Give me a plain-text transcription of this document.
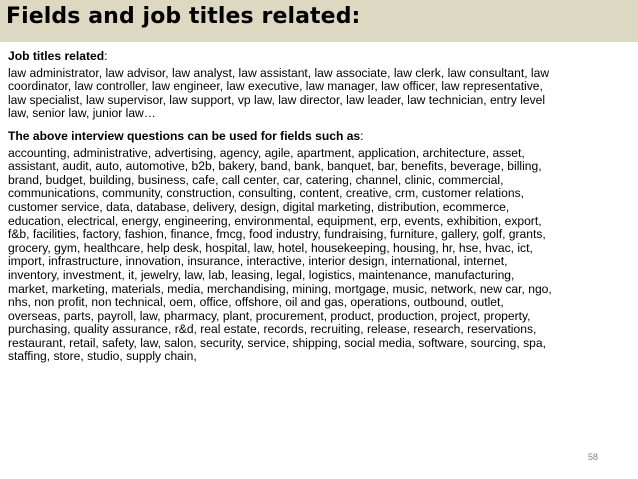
Fields and job titles related:
Job titles related:
law administrator, law advisor, law analyst, law assistant, law associate, law clerk, law consultant, law
coordinator, law controller, law engineer, law executive, law manager, law officer, law representative,
law specialist, law supervisor, law support, vp law, law director, law leader, law technician, entry level
law, senior law, junior law…
The above interview questions can be used for fields such as:
accounting, administrative, advertising, agency, agile, apartment, application, architecture, asset,
assistant, audit, auto, automotive, b2b, bakery, band, bank, banquet, bar, benefits, beverage, billing,
brand, budget, building, business, cafe, call center, car, catering, channel, clinic, commercial,
communications, community, construction, consulting, content, creative, crm, customer relations,
customer service, data, database, delivery, design, digital marketing, distribution, ecommerce,
education, electrical, energy, engineering, environmental, equipment, erp, events, exhibition, export,
f&b, facilities, factory, fashion, finance, fmcg, food industry, fundraising, furniture, gallery, golf, grants,
grocery, gym, healthcare, help desk, hospital, law, hotel, housekeeping, housing, hr, hse, hvac, ict,
import, infrastructure, innovation, insurance, interactive, interior design, international, internet,
inventory, investment, it, jewelry, law, lab, leasing, legal, logistics, maintenance, manufacturing,
market, marketing, materials, media, merchandising, mining, mortgage, music, network, new car, ngo,
nhs, non profit, non technical, oem, office, offshore, oil and gas, operations, outbound, outlet,
overseas, parts, payroll, law, pharmacy, plant, procurement, product, production, project, property,
purchasing, quality assurance, r&d, real estate, records, recruiting, release, research, reservations,
restaurant, retail, safety, law, salon, security, service, shipping, social media, software, sourcing, spa,
staffing, store, studio, supply chain,
58
